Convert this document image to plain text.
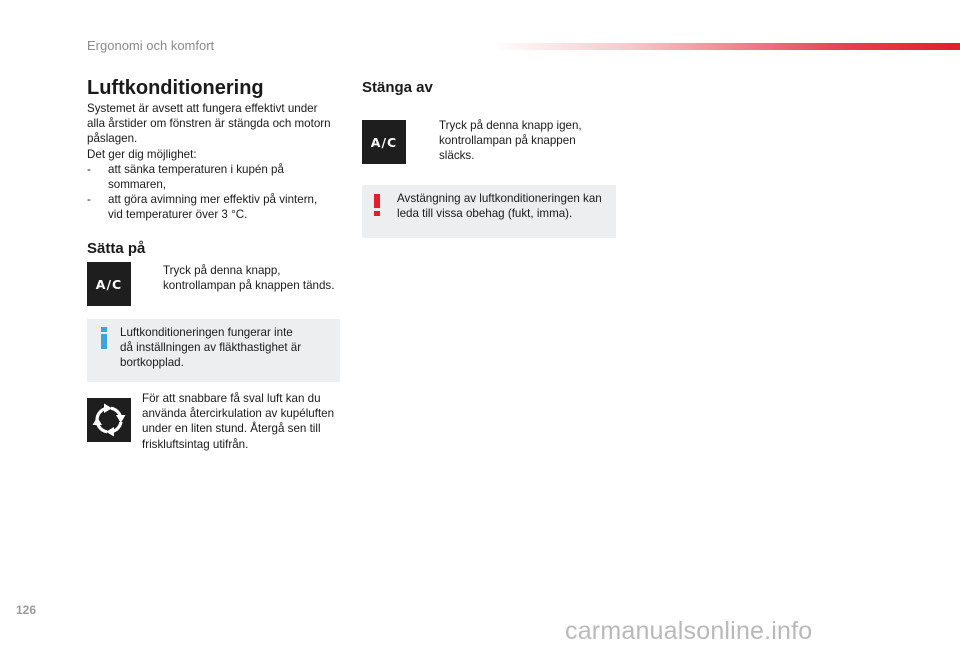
Ergonomi och komfort
Luftkonditionering

Systemet är avsett att fungera effektivt under

alla årstider om fönstren är stängda och motorn

påslagen.

Det ger dig möjlighet:

- att sänka temperaturen i kupén på
sommaren,
- att göra avimning mer effektiv på vintern,
vid temperaturer över 3 °C.
Sätta på
A/C
Tryck på denna knapp,
kontrollampan på knappen tänds.
Luftkonditioneringen fungerar inte
då inställningen av fläkthastighet är
bortkopplad.
För att snabbare få sval luft kan du
använda återcirkulation av kupéluften
under en liten stund. Återgå sen till
friskluftsintag utifrån.
Stänga av
A/C
Tryck på denna knapp igen,
kontrollampan på knappen
släcks.
Avstängning av luftkonditioneringen kan
leda till vissa obehag (fukt, imma).
126
carmanualsonline.info
